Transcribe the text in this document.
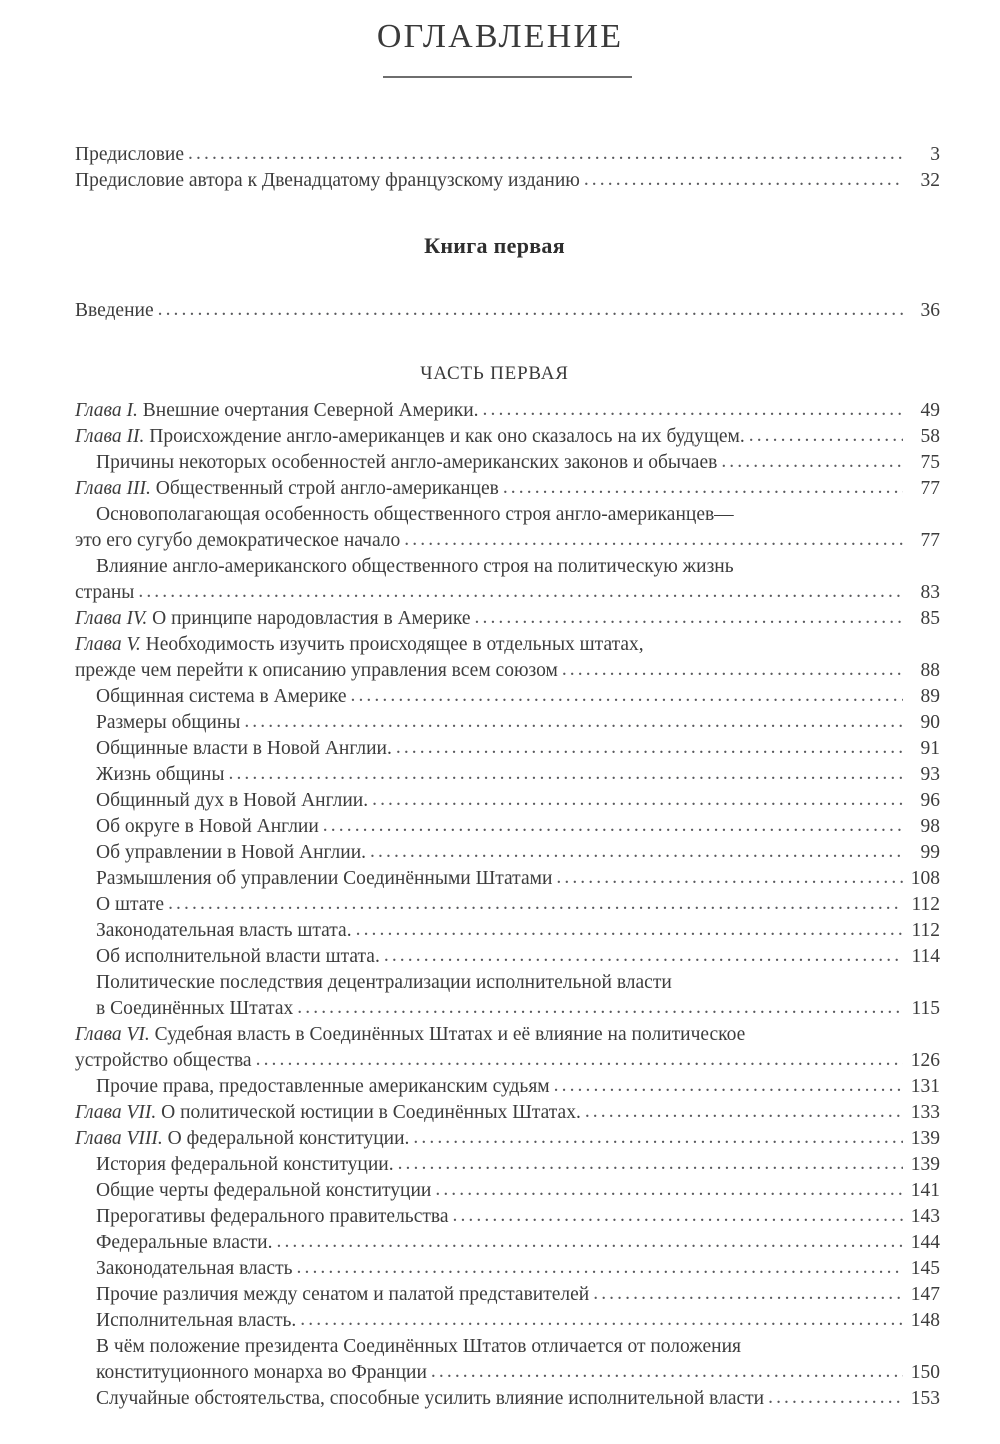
ОГЛАВЛЕНИЕ
Предисловие .....	3
Предисловие автора к Двенадцатому французскому изданию .....	32
Книга первая
Введение .....	36
ЧАСТЬ ПЕРВАЯ
Глава I. Внешние очертания Северной Америки. .....	49
Глава II. Происхождение англо-американцев и как оно сказалось на их будущем. .....	58
Причины некоторых особенностей англо-американских законов и обычаев .....	75
Глава III. Общественный строй англо-американцев .....	77
Основополагающая особенность общественного строя англо-американцев—
это его сугубо демократическое начало .....	77
Влияние англо-американского общественного строя на политическую жизнь
страны .....	83
Глава IV. О принципе народовластия в Америке .....	85
Глава V. Необходимость изучить происходящее в отдельных штатах,
прежде чем перейти к описанию управления всем союзом .....	88
Общинная система в Америке .....	89
Размеры общины .....	90
Общинные власти в Новой Англии. .....	91
Жизнь общины .....	93
Общинный дух в Новой Англии. .....	96
Об округе в Новой Англии .....	98
Об управлении в Новой Англии. .....	99
Размышления об управлении Соединёнными Штатами .....	108
О штате .....	112
Законодательная власть штата. .....	112
Об исполнительной власти штата. .....	114
Политические последствия децентрализации исполнительной власти
в Соединённых Штатах .....	115
Глава VI. Судебная власть в Соединённых Штатах и её влияние на политическое
устройство общества .....	126
Прочие права, предоставленные американским судьям .....	131
Глава VII. О политической юстиции в Соединённых Штатах. .....	133
Глава VIII. О федеральной конституции. .....	139
История федеральной конституции. .....	139
Общие черты федеральной конституции .....	141
Прерогативы федерального правительства .....	143
Федеральные власти. .....	144
Законодательная власть .....	145
Прочие различия между сенатом и палатой представителей .....	147
Исполнительная власть. .....	148
В чём положение президента Соединённых Штатов отличается от положения
конституционного монарха во Франции .....	150
Случайные обстоятельства, способные усилить влияние исполнительной власти .....	153
